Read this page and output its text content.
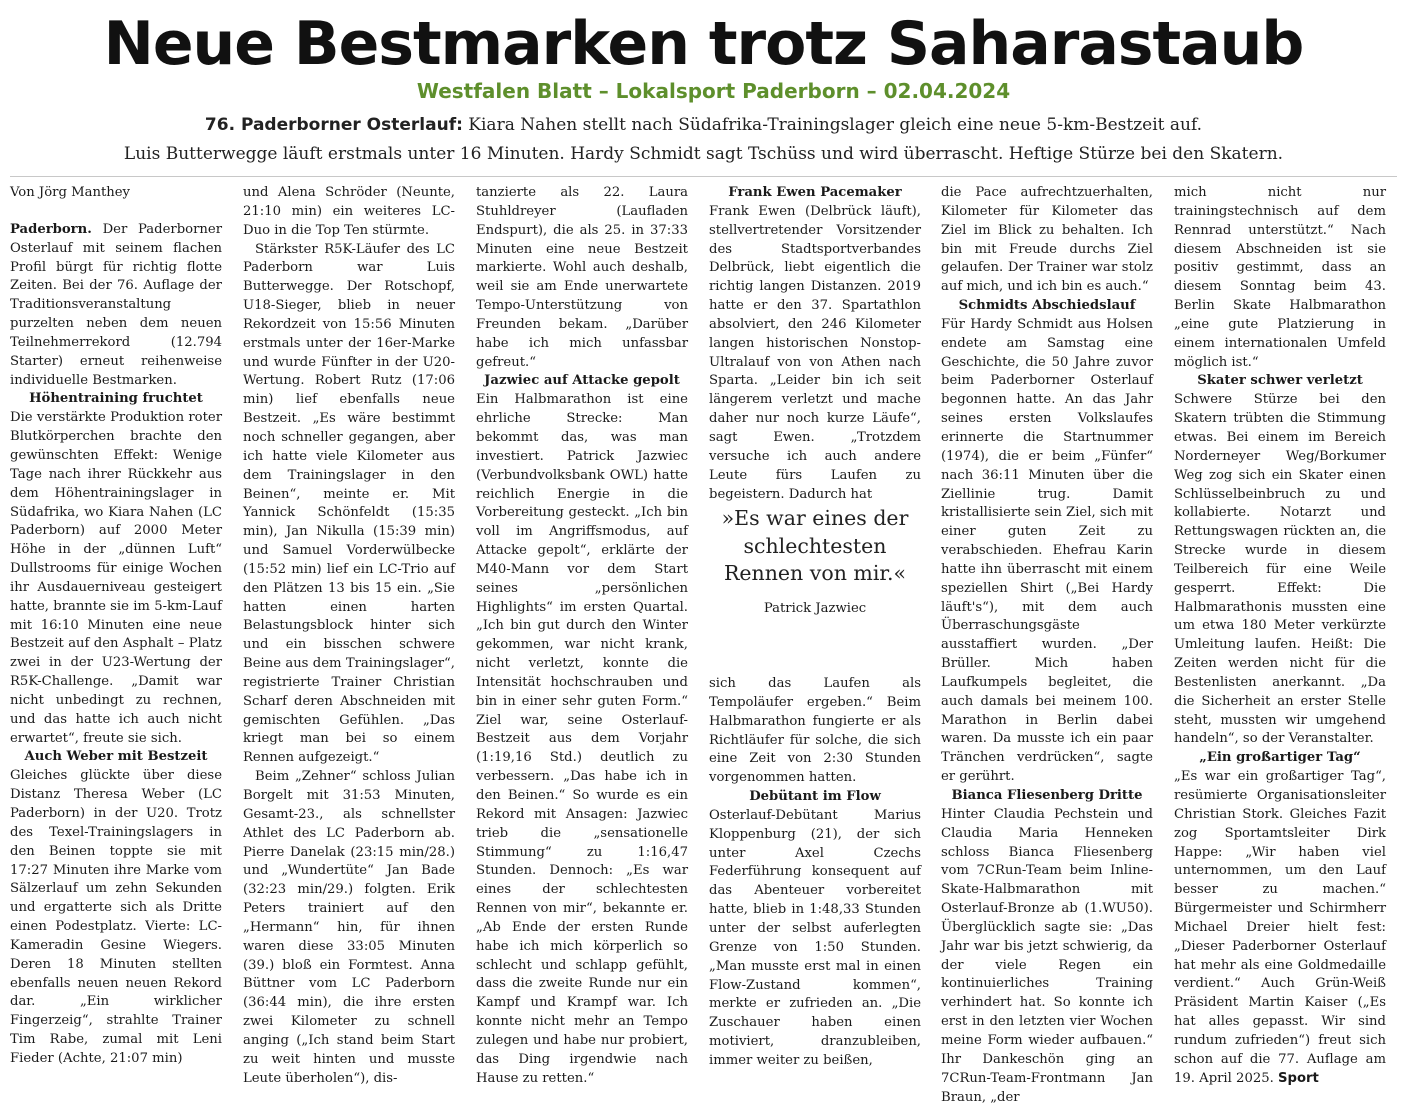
Neue Bestmarken trotz Saharastaub
Westfalen Blatt – Lokalsport Paderborn – 02.04.2024
76. Paderborner Osterlauf: Kiara Nahen stellt nach Südafrika-Trainingslager gleich eine neue 5-km-Bestzeit auf.
Luis Butterwegge läuft erstmals unter 16 Minuten. Hardy Schmidt sagt Tschüss und wird überrascht. Heftige Stürze bei den Skatern.

Von Jörg Manthey

Paderborn. Der Paderborner Osterlauf mit seinem flachen Profil bürgt für richtig flotte Zeiten. Bei der 76. Auflage der Traditionsveranstaltung purzelten neben dem neuen Teilnehmerrekord (12.794 Starter) erneut reihenweise individuelle Bestmarken.

Höhentraining fruchtet

Die verstärkte Produktion roter Blutkörperchen brachte den gewünschten Effekt: Wenige Tage nach ihrer Rückkehr aus dem Höhentrainingslager in Südafrika, wo Kiara Nahen (LC Paderborn) auf 2000 Meter Höhe in der „dünnen Luft“ Dullstrooms für einige Wochen ihr Ausdauerniveau gesteigert hatte, brannte sie im 5-km-Lauf mit 16:10 Minuten eine neue Bestzeit auf den Asphalt – Platz zwei in der U23-Wertung der R5K-Challenge. „Damit war nicht unbedingt zu rechnen, und das hatte ich auch nicht erwartet“, freute sie sich.

Auch Weber mit Bestzeit

Gleiches glückte über diese Distanz Theresa Weber (LC Paderborn) in der U20. Trotz des Texel-Trainingslagers in den Beinen toppte sie mit 17:27 Minuten ihre Marke vom Sälzerlauf um zehn Sekunden und ergatterte sich als Dritte einen Podestplatz. Vierte: LC-Kameradin Gesine Wiegers. Deren 18 Minuten stellten ebenfalls neuen neuen Rekord dar. „Ein wirklicher Fingerzeig“, strahlte Trainer Tim Rabe, zumal mit Leni Fieder (Achte, 21:07 min)

und Alena Schröder (Neunte, 21:10 min) ein weiteres LC-Duo in die Top Ten stürmte.

Stärkster R5K-Läufer des LC Paderborn war Luis Butterwegge. Der Rotschopf, U18-Sieger, blieb in neuer Rekordzeit von 15:56 Minuten erstmals unter der 16er-Marke und wurde Fünfter in der U20-Wertung. Robert Rutz (17:06 min) lief ebenfalls neue Bestzeit. „Es wäre bestimmt noch schneller gegangen, aber ich hatte viele Kilometer aus dem Trainingslager in den Beinen“, meinte er. Mit Yannick Schönfeldt (15:35 min), Jan Nikulla (15:39 min) und Samuel Vorderwülbecke (15:52 min) lief ein LC-Trio auf den Plätzen 13 bis 15 ein. „Sie hatten einen harten Belastungsblock hinter sich und ein bisschen schwere Beine aus dem Trainingslager“, registrierte Trainer Christian Scharf deren Abschneiden mit gemischten Gefühlen. „Das kriegt man bei so einem Rennen aufgezeigt.“

Beim „Zehner“ schloss Julian Borgelt mit 31:53 Minuten, Gesamt-23., als schnellster Athlet des LC Paderborn ab. Pierre Danelak (23:15 min/28.) und „Wundertüte“ Jan Bade (32:23 min/29.) folgten. Erik Peters trainiert auf den „Hermann“ hin, für ihnen waren diese 33:05 Minuten (39.) bloß ein Formtest. Anna Büttner vom LC Paderborn (36:44 min), die ihre ersten zwei Kilometer zu schnell anging („Ich stand beim Start zu weit hinten und musste Leute überholen“), dis-

tanzierte als 22. Laura Stuhldreyer (Laufladen Endspurt), die als 25. in 37:33 Minuten eine neue Bestzeit markierte. Wohl auch deshalb, weil sie am Ende unerwartete Tempo-Unterstützung von Freunden bekam. „Darüber habe ich mich unfassbar gefreut.“

Jazwiec auf Attacke gepolt

Ein Halbmarathon ist eine ehrliche Strecke: Man bekommt das, was man investiert. Patrick Jazwiec (Verbundvolksbank OWL) hatte reichlich Energie in die Vorbereitung gesteckt. „Ich bin voll im Angriffsmodus, auf Attacke gepolt“, erklärte der M40-Mann vor dem Start seines „persönlichen Highlights“ im ersten Quartal. „Ich bin gut durch den Winter gekommen, war nicht krank, nicht verletzt, konnte die Intensität hochschrauben und bin in einer sehr guten Form.“ Ziel war, seine Osterlauf-Bestzeit aus dem Vorjahr (1:19,16 Std.) deutlich zu verbessern. „Das habe ich in den Beinen.“ So wurde es ein Rekord mit Ansagen: Jazwiec trieb die „sensationelle Stimmung“ zu 1:16,47 Stunden. Dennoch: „Es war eines der schlechtesten Rennen von mir“, bekannte er. „Ab Ende der ersten Runde habe ich mich körperlich so schlecht und schlapp gefühlt, dass die zweite Runde nur ein Kampf und Krampf war. Ich konnte nicht mehr an Tempo zulegen und habe nur probiert, das Ding irgendwie nach Hause zu retten.“

Frank Ewen Pacemaker

Frank Ewen (Delbrück läuft), stellvertretender Vorsitzender des Stadtsportverbandes Delbrück, liebt eigentlich die richtig langen Distanzen. 2019 hatte er den 37. Spartathlon absolviert, den 246 Kilometer langen historischen Nonstop-Ultralauf von von Athen nach Sparta. „Leider bin ich seit längerem verletzt und mache daher nur noch kurze Läufe“, sagt Ewen. „Trotzdem versuche ich auch andere Leute fürs Laufen zu begeistern. Dadurch hat

»Es war eines der schlechtesten Rennen von mir.«
Patrick Jazwiec

sich das Laufen als Tempoläufer ergeben.“ Beim Halbmarathon fungierte er als Richtläufer für solche, die sich eine Zeit von 2:30 Stunden vorgenommen hatten.

Debütant im Flow

Osterlauf-Debütant Marius Kloppenburg (21), der sich unter Axel Czechs Federführung konsequent auf das Abenteuer vorbereitet hatte, blieb in 1:48,33 Stunden unter der selbst auferlegten Grenze von 1:50 Stunden. „Man musste erst mal in einen Flow-Zustand kommen“, merkte er zufrieden an. „Die Zuschauer haben einen motiviert, dranzubleiben, immer weiter zu beißen,

die Pace aufrechtzuerhalten, Kilometer für Kilometer das Ziel im Blick zu behalten. Ich bin mit Freude durchs Ziel gelaufen. Der Trainer war stolz auf mich, und ich bin es auch.“

Schmidts Abschiedslauf

Für Hardy Schmidt aus Holsen endete am Samstag eine Geschichte, die 50 Jahre zuvor beim Paderborner Osterlauf begonnen hatte. An das Jahr seines ersten Volkslaufes erinnerte die Startnummer (1974), die er beim „Fünfer“ nach 36:11 Minuten über die Ziellinie trug. Damit kristallisierte sein Ziel, sich mit einer guten Zeit zu verabschieden. Ehefrau Karin hatte ihn überrascht mit einem speziellen Shirt („Bei Hardy läuft's“), mit dem auch Überraschungsgäste ausstaffiert wurden. „Der Brüller. Mich haben Laufkumpels begleitet, die auch damals bei meinem 100. Marathon in Berlin dabei waren. Da musste ich ein paar Tränchen verdrücken“, sagte er gerührt.

Bianca Fliesenberg Dritte

Hinter Claudia Pechstein und Claudia Maria Henneken schloss Bianca Fliesenberg vom 7CRun-Team beim Inline-Skate-Halbmarathon mit Osterlauf-Bronze ab (1.WU50). Überglücklich sagte sie: „Das Jahr war bis jetzt schwierig, da der viele Regen ein kontinuierliches Training verhindert hat. So konnte ich erst in den letzten vier Wochen meine Form wieder aufbauen.“ Ihr Dankeschön ging an 7CRun-Team-Frontmann Jan Braun, „der

mich nicht nur trainingstechnisch auf dem Rennrad unterstützt.“ Nach diesem Abschneiden ist sie positiv gestimmt, dass an diesem Sonntag beim 43. Berlin Skate Halbmarathon „eine gute Platzierung in einem internationalen Umfeld möglich ist.“

Skater schwer verletzt

Schwere Stürze bei den Skatern trübten die Stimmung etwas. Bei einem im Bereich Norderneyer Weg/Borkumer Weg zog sich ein Skater einen Schlüsselbeinbruch zu und kollabierte. Notarzt und Rettungswagen rückten an, die Strecke wurde in diesem Teilbereich für eine Weile gesperrt. Effekt: Die Halbmarathonis mussten eine um etwa 180 Meter verkürzte Umleitung laufen. Heißt: Die Zeiten werden nicht für die Bestenlisten anerkannt. „Da die Sicherheit an erster Stelle steht, mussten wir umgehend handeln“, so der Veranstalter.

„Ein großartiger Tag“

„Es war ein großartiger Tag“, resümierte Organisationsleiter Christian Stork. Gleiches Fazit zog Sportamtsleiter Dirk Happe: „Wir haben viel unternommen, um den Lauf besser zu machen.“ Bürgermeister und Schirmherr Michael Dreier hielt fest: „Dieser Paderborner Osterlauf hat mehr als eine Goldmedaille verdient.“ Auch Grün-Weiß Präsident Martin Kaiser („Es hat alles gepasst. Wir sind rundum zufrieden“) freut sich schon auf die 77. Auflage am 19. April 2025. Sport
